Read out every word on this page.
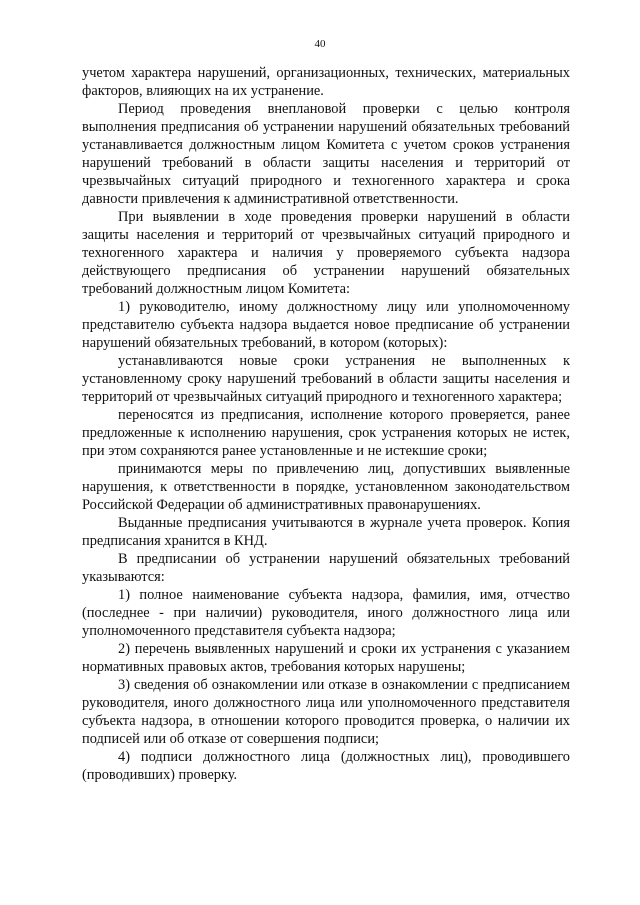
40

учетом характера нарушений, организационных, технических, материальных факторов, влияющих на их устранение.

Период проведения внеплановой проверки с целью контроля выполнения предписания об устранении нарушений обязательных требований устанавливается должностным лицом Комитета с учетом сроков устранения нарушений требований в области защиты населения и территорий от чрезвычайных ситуаций природного и техногенного характера и срока давности привлечения к административной ответственности.

При выявлении в ходе проведения проверки нарушений в области защиты населения и территорий от чрезвычайных ситуаций природного и техногенного характера и наличия у проверяемого субъекта надзора действующего предписания об устранении нарушений обязательных требований должностным лицом Комитета:

1) руководителю, иному должностному лицу или уполномоченному представителю субъекта надзора выдается новое предписание об устранении нарушений обязательных требований, в котором (которых):

устанавливаются новые сроки устранения не выполненных к установленному сроку нарушений требований в области защиты населения и территорий от чрезвычайных ситуаций природного и техногенного характера;

переносятся из предписания, исполнение которого проверяется, ранее предложенные к исполнению нарушения, срок устранения которых не истек, при этом сохраняются ранее установленные и не истекшие сроки;

принимаются меры по привлечению лиц, допустивших выявленные нарушения, к ответственности в порядке, установленном законодательством Российской Федерации об административных правонарушениях.

Выданные предписания учитываются в журнале учета проверок. Копия предписания хранится в КНД.

В предписании об устранении нарушений обязательных требований указываются:

1) полное наименование субъекта надзора, фамилия, имя, отчество (последнее - при наличии) руководителя, иного должностного лица или уполномоченного представителя субъекта надзора;

2) перечень выявленных нарушений и сроки их устранения с указанием нормативных правовых актов, требования которых нарушены;

3) сведения об ознакомлении или отказе в ознакомлении с предписанием руководителя, иного должностного лица или уполномоченного представителя субъекта надзора, в отношении которого проводится проверка, о наличии их подписей или об отказе от совершения подписи;

4) подписи должностного лица (должностных лиц), проводившего (проводивших) проверку.
